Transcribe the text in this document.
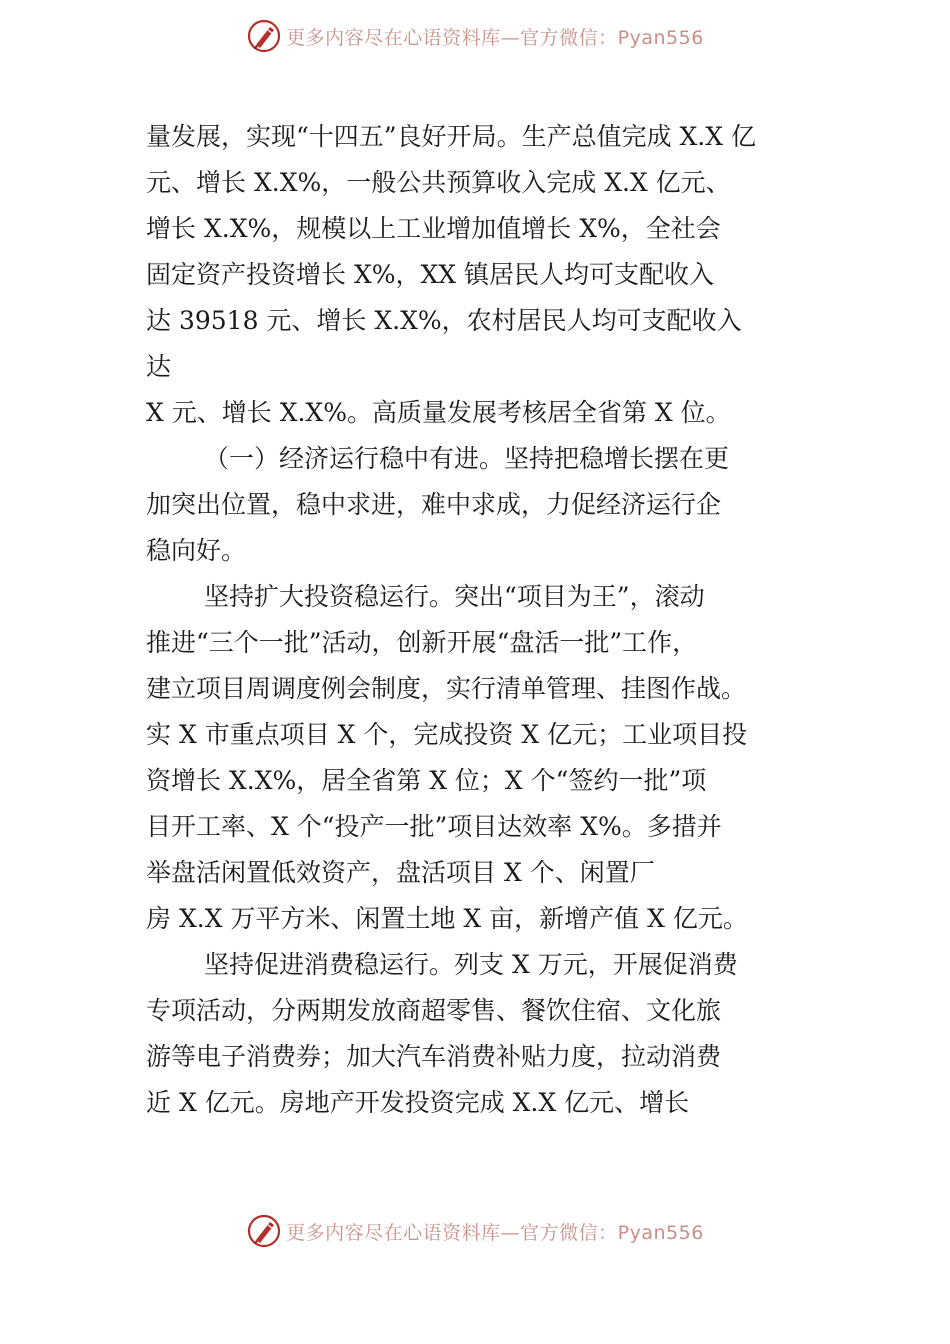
更多内容尽在心语资料库—官方微信：Pyan556
量发展，实现“十四五”良好开局。生产总值完成 X.X 亿
元、增长 X.X%，一般公共预算收入完成 X.X 亿元、
增长 X.X%，规模以上工业增加值增长 X%，全社会
固定资产投资增长 X%，XX 镇居民人均可支配收入
达 39518 元、增长 X.X%，农村居民人均可支配收入
达
X 元、增长 X.X%。高质量发展考核居全省第 X 位。
（一）经济运行稳中有进。坚持把稳增长摆在更
加突出位置，稳中求进，难中求成，力促经济运行企
稳向好。
坚持扩大投资稳运行。突出“项目为王”，滚动
推进“三个一批”活动，创新开展“盘活一批”工作，
建立项目周调度例会制度，实行清单管理、挂图作战。
实 X 市重点项目 X 个，完成投资 X 亿元；工业项目投
资增长 X.X%，居全省第 X 位；X 个“签约一批”项
目开工率、X 个“投产一批”项目达效率 X%。多措并
举盘活闲置低效资产，盘活项目 X 个、闲置厂
房 X.X 万平方米、闲置土地 X 亩，新增产值 X 亿元。
坚持促进消费稳运行。列支 X 万元，开展促消费
专项活动，分两期发放商超零售、餐饮住宿、文化旅
游等电子消费券；加大汽车消费补贴力度，拉动消费
近 X 亿元。房地产开发投资完成 X.X 亿元、增长
更多内容尽在心语资料库—官方微信：Pyan556
